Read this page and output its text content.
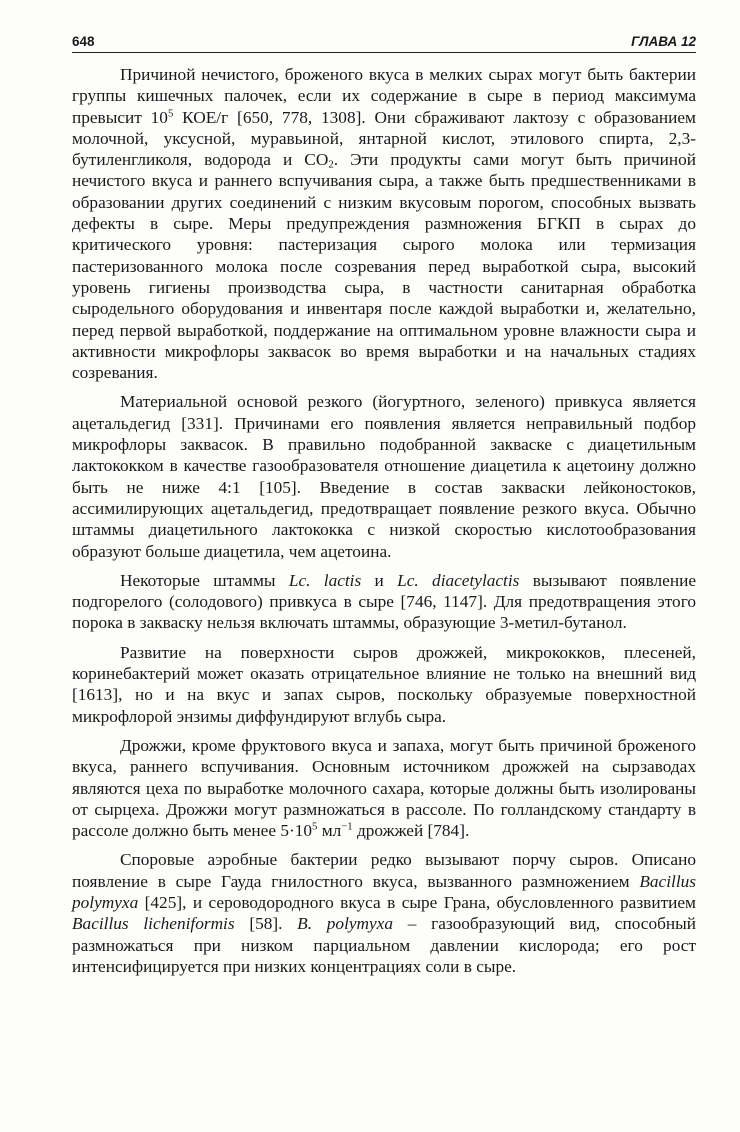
648	ГЛАВА 12

Причиной нечистого, броженого вкуса в мелких сырах могут быть бактерии группы кишечных палочек, если их содержание в сыре в период максимума превысит $10^5$ КОЕ/г [650, 778, 1308]. Они сбраживают лактозу с образованием молочной, уксусной, муравьиной, янтарной кислот, этилового спирта, 2,3-бутиленгликоля, водорода и $СО_2$. Эти продукты сами могут быть причиной нечистого вкуса и раннего вспучивания сыра, а также быть предшественниками в образовании других соединений с низким вкусовым порогом, способных вызвать дефекты в сыре. Меры предупреждения размножения БГКП в сырах до критического уровня: пастеризация сырого молока или термизация пастеризованного молока после созревания перед выработкой сыра, высокий уровень гигиены производства сыра, в частности санитарная обработка сыродельного оборудования и инвентаря после каждой выработки и, желательно, перед первой выработкой, поддержание на оптимальном уровне влажности сыра и активности микрофлоры заквасок во время выработки и на начальных стадиях созревания.

Материальной основой резкого (йогуртного, зеленого) привкуса является ацетальдегид [331]. Причинами его появления является неправильный подбор микрофлоры заквасок. В правильно подобранной закваске с диацетильным лактококком в качестве газообразователя отношение диацетила к ацетоину должно быть не ниже 4:1 [105]. Введение в состав закваски лейконостоков, ассимилирующих ацетальдегид, предотвращает появление резкого вкуса. Обычно штаммы диацетильного лактококка с низкой скоростью кислотообразования образуют больше диацетила, чем ацетоина.

Некоторые штаммы Lc. lactis и Lc. diacetylactis вызывают появление подгорелого (солодового) привкуса в сыре [746, 1147]. Для предотвращения этого порока в закваску нельзя включать штаммы, образующие 3-метил-бутанол.

Развитие на поверхности сыров дрожжей, микрококков, плесеней, коринебактерий может оказать отрицательное влияние не только на внешний вид [1613], но и на вкус и запах сыров, поскольку образуемые поверхностной микрофлорой энзимы диффундируют вглубь сыра.

Дрожжи, кроме фруктового вкуса и запаха, могут быть причиной броженого вкуса, раннего вспучивания. Основным источником дрожжей на сырзаводах являются цеха по выработке молочного сахара, которые должны быть изолированы от сырцеха. Дрожжи могут размножаться в рассоле. По голландскому стандарту в рассоле должно быть менее $5\cdot 10^5$ $мл^{-1}$ дрожжей [784].

Споровые аэробные бактерии редко вызывают порчу сыров. Описано появление в сыре Гауда гнилостного вкуса, вызванного размножением Bacillus polymyxa [425], и сероводородного вкуса в сыре Грана, обусловленного развитием Bacillus licheniformis [58]. B. polymyxa – газообразующий вид, способный размножаться при низком парциальном давлении кислорода; его рост интенсифицируется при низких концентрациях соли в сыре.
